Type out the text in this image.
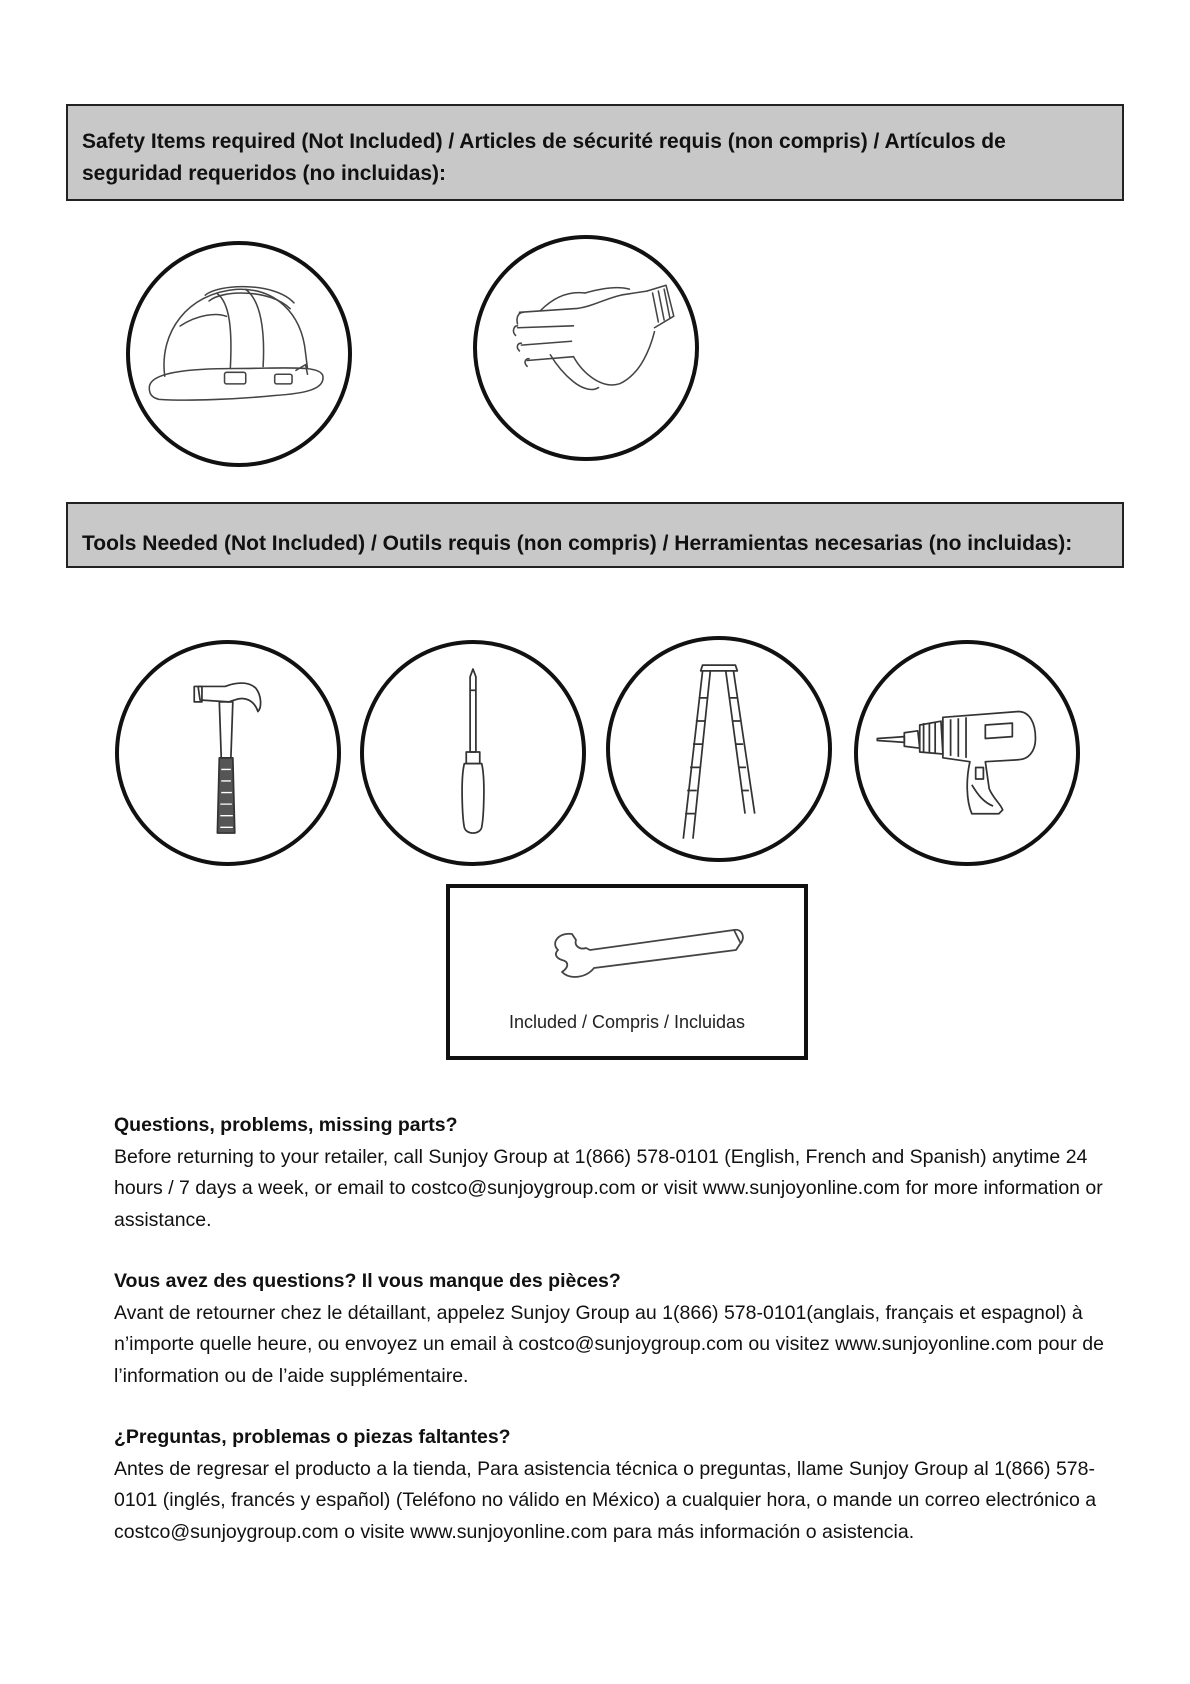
Safety Items required (Not Included) / Articles de sécurité requis (non compris) / Artículos de seguridad requeridos (no incluidas):
Tools Needed (Not Included) / Outils requis (non compris) / Herramientas necesarias (no incluidas):
Included / Compris / Incluidas
Questions, problems, missing parts?

Before returning to your retailer, call Sunjoy Group at 1(866) 578-0101 (English, French and Spanish) anytime 24 hours / 7 days a week, or email to costco@sunjoygroup.com or visit www.sunjoyonline.com for more information or assistance.

Vous avez des questions? Il vous manque des pièces?

Avant de retourner chez le détaillant, appelez Sunjoy Group au 1(866) 578-0101(anglais, français et espagnol) à n’importe quelle heure, ou envoyez un email à costco@sunjoygroup.com ou visitez www.sunjoyonline.com pour de l’information ou de l’aide supplémentaire.

¿Preguntas, problemas o piezas faltantes?

Antes de regresar el producto a la tienda, Para asistencia técnica o preguntas, llame Sunjoy Group al 1(866) 578-0101 (inglés, francés y español) (Teléfono no válido en México) a cualquier hora, o mande un correo electrónico a costco@sunjoygroup.com o visite www.sunjoyonline.com para más información o asistencia.
